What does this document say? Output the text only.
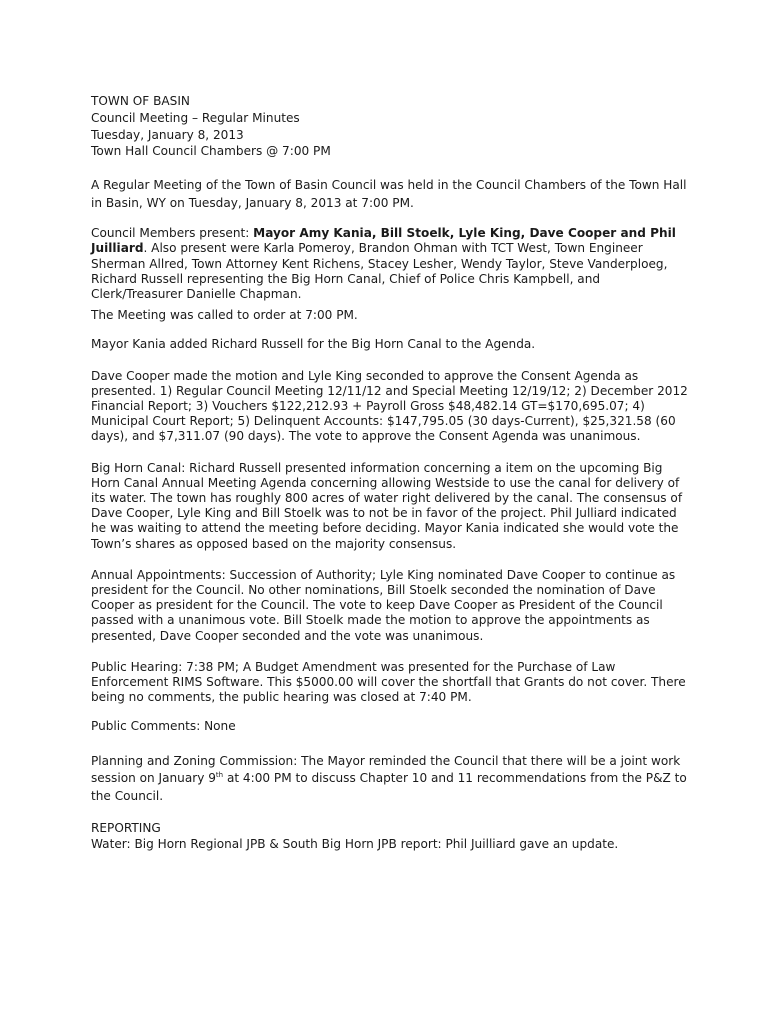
TOWN OF BASIN
Council Meeting – Regular Minutes
Tuesday, January 8, 2013
Town Hall Council Chambers @ 7:00 PM

A Regular Meeting of the Town of Basin Council was held in the Council Chambers of the Town Hall in Basin, WY on Tuesday, January 8, 2013 at 7:00 PM.

Council Members present: Mayor Amy Kania, Bill Stoelk, Lyle King, Dave Cooper and Phil Juilliard. Also present were Karla Pomeroy, Brandon Ohman with TCT West, Town Engineer Sherman Allred, Town Attorney Kent Richens, Stacey Lesher, Wendy Taylor, Steve Vanderploeg, Richard Russell representing the Big Horn Canal, Chief of Police Chris Kampbell, and Clerk/Treasurer Danielle Chapman.

The Meeting was called to order at 7:00 PM.

Mayor Kania added Richard Russell for the Big Horn Canal to the Agenda.

Dave Cooper made the motion and Lyle King seconded to approve the Consent Agenda as presented. 1) Regular Council Meeting 12/11/12 and Special Meeting 12/19/12; 2) December 2012 Financial Report; 3) Vouchers $122,212.93 + Payroll Gross $48,482.14 GT=$170,695.07; 4) Municipal Court Report; 5) Delinquent Accounts: $147,795.05 (30 days-Current), $25,321.58 (60 days), and $7,311.07 (90 days). The vote to approve the Consent Agenda was unanimous.

Big Horn Canal: Richard Russell presented information concerning a item on the upcoming Big Horn Canal Annual Meeting Agenda concerning allowing Westside to use the canal for delivery of its water. The town has roughly 800 acres of water right delivered by the canal. The consensus of Dave Cooper, Lyle King and Bill Stoelk was to not be in favor of the project. Phil Julliard indicated he was waiting to attend the meeting before deciding. Mayor Kania indicated she would vote the Town’s shares as opposed based on the majority consensus.

Annual Appointments: Succession of Authority; Lyle King nominated Dave Cooper to continue as president for the Council. No other nominations, Bill Stoelk seconded the nomination of Dave Cooper as president for the Council. The vote to keep Dave Cooper as President of the Council passed with a unanimous vote. Bill Stoelk made the motion to approve the appointments as presented, Dave Cooper seconded and the vote was unanimous.

Public Hearing: 7:38 PM; A Budget Amendment was presented for the Purchase of Law Enforcement RIMS Software. This $5000.00 will cover the shortfall that Grants do not cover. There being no comments, the public hearing was closed at 7:40 PM.

Public Comments: None

Planning and Zoning Commission: The Mayor reminded the Council that there will be a joint work session on January 9th at 4:00 PM to discuss Chapter 10 and 11 recommendations from the P&Z to the Council.

REPORTING

Water: Big Horn Regional JPB & South Big Horn JPB report: Phil Juilliard gave an update.
